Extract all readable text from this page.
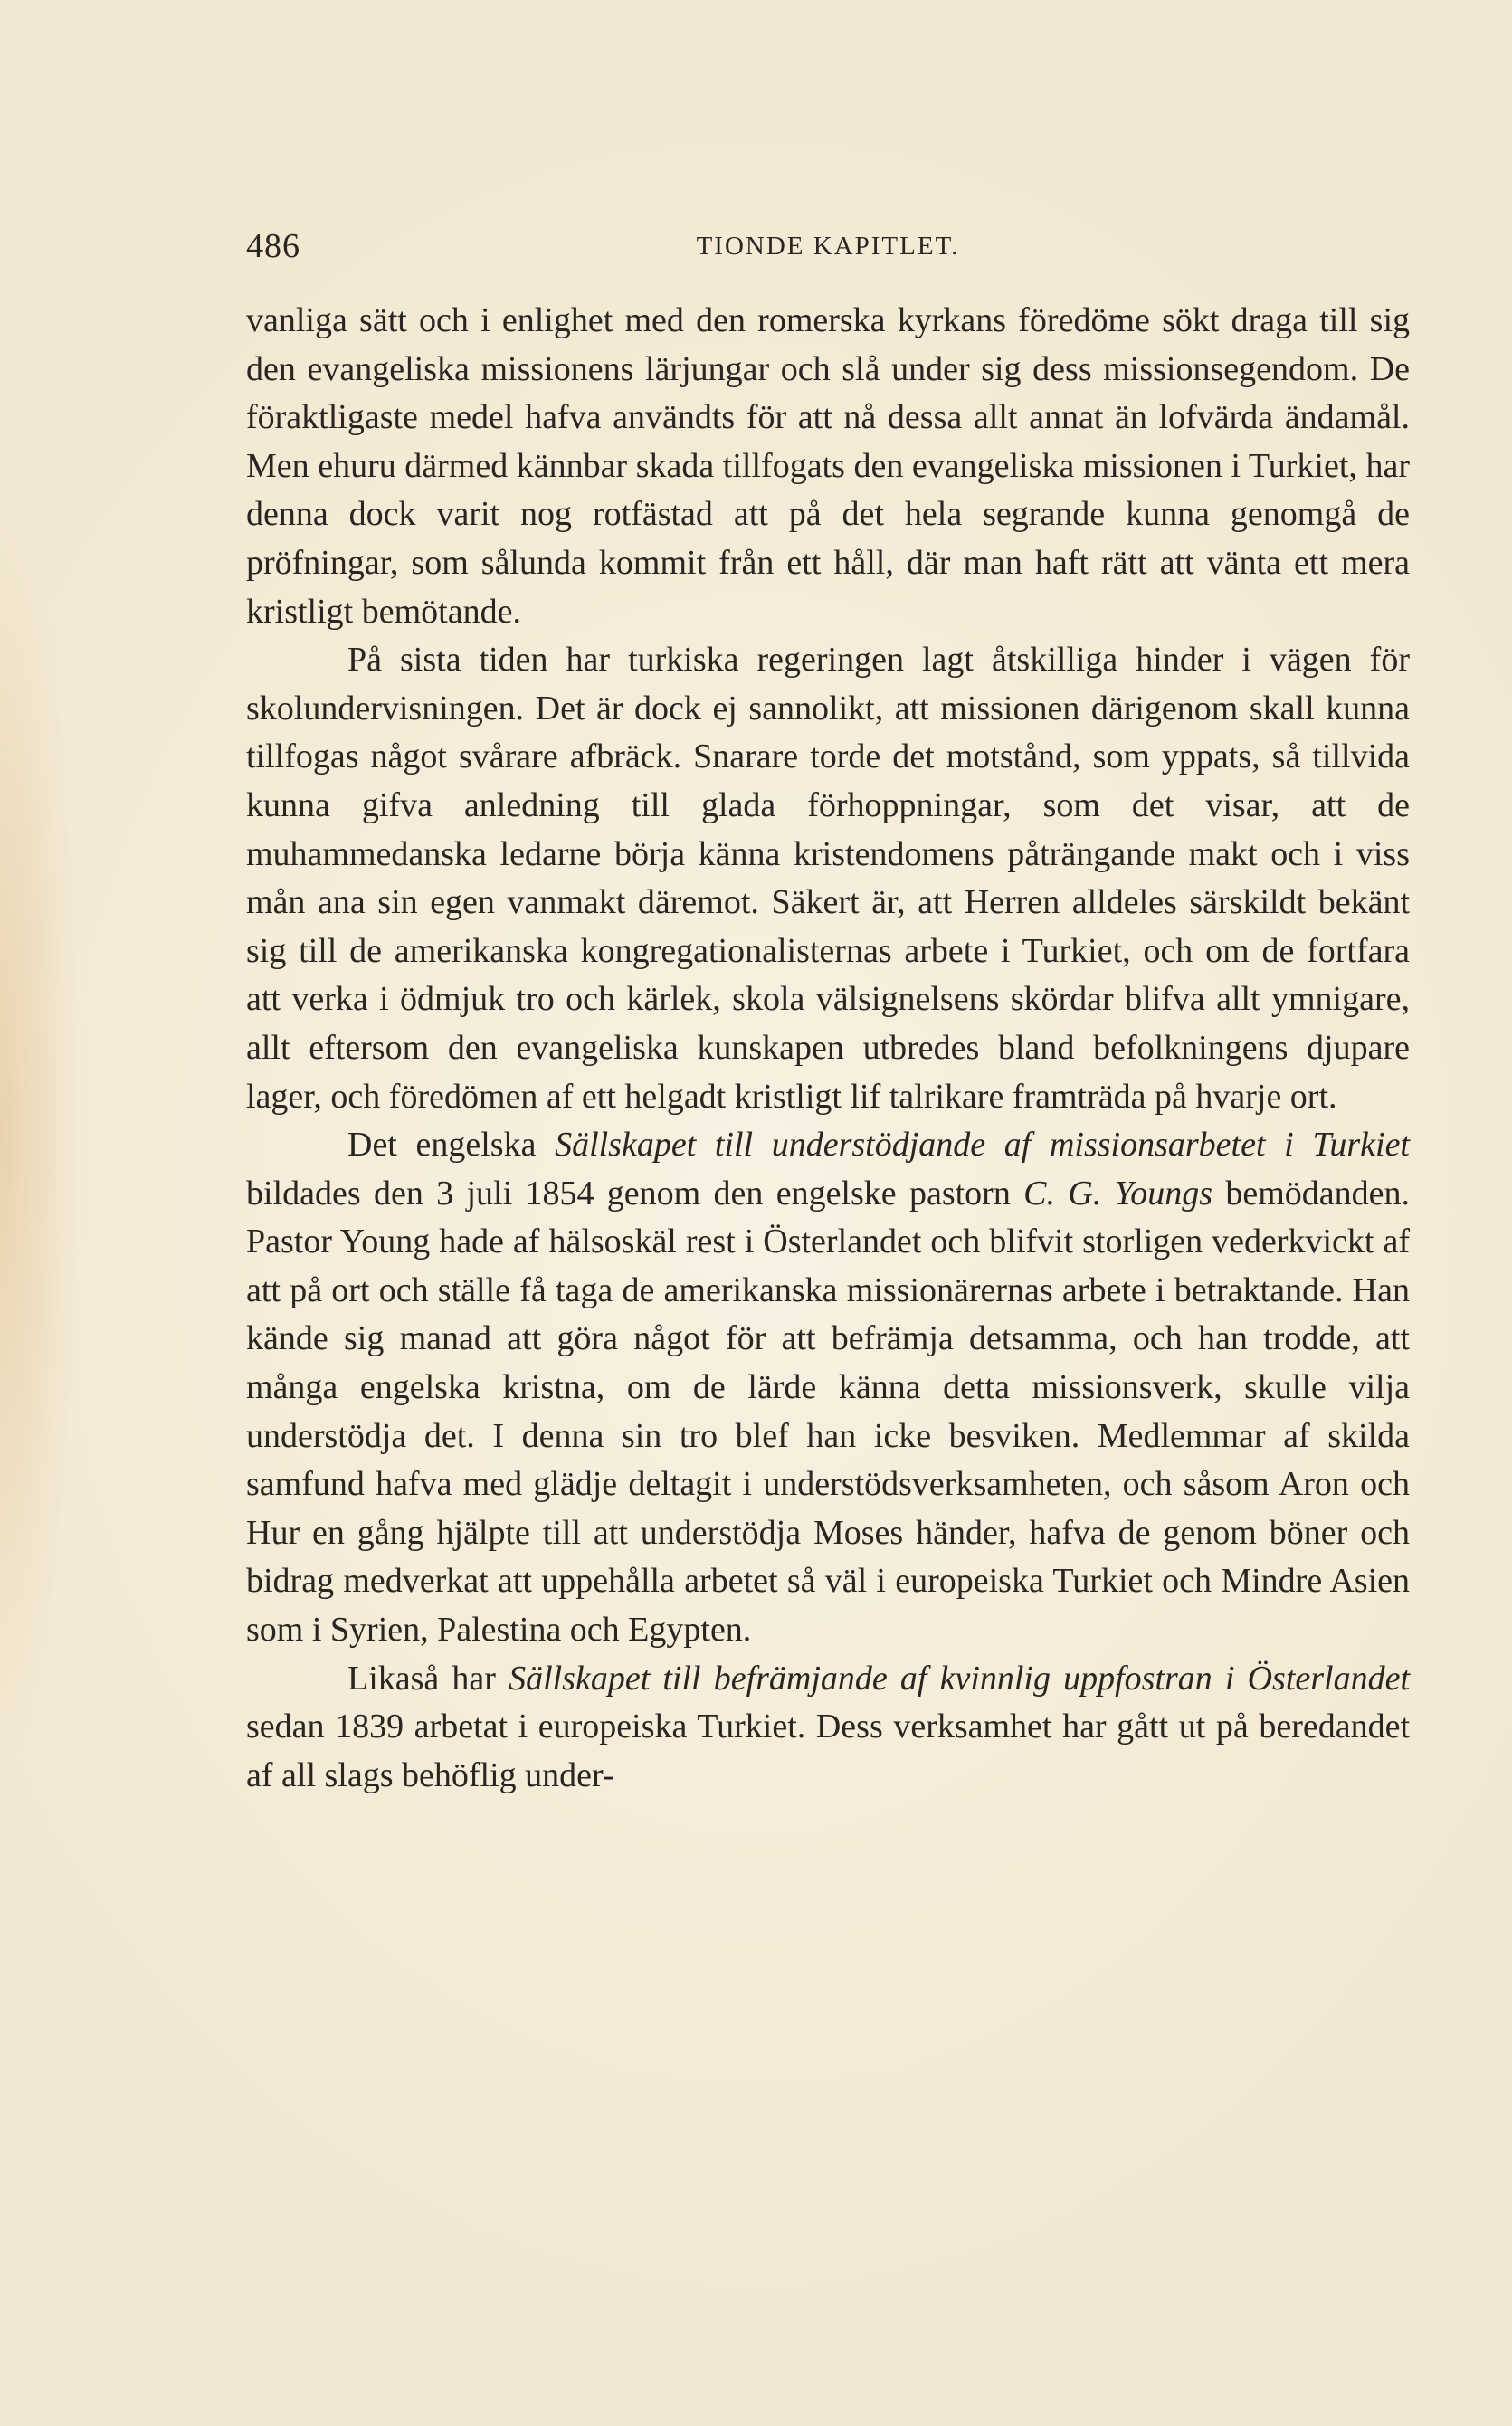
486	TIONDE KAPITLET.

vanliga sätt och i enlighet med den romerska kyrkans föredöme sökt draga till sig den evangeliska missionens lärjungar och slå under sig dess missionsegendom. De föraktligaste medel hafva användts för att nå dessa allt annat än lofvärda ändamål. Men ehuru därmed kännbar skada tillfogats den evangeliska missionen i Turkiet, har denna dock varit nog rotfästad att på det hela segrande kunna genomgå de pröfningar, som sålunda kommit från ett håll, där man haft rätt att vänta ett mera kristligt bemötande.

På sista tiden har turkiska regeringen lagt åtskilliga hinder i vägen för skolundervisningen. Det är dock ej sannolikt, att missionen därigenom skall kunna tillfogas något svårare afbräck. Snarare torde det motstånd, som yppats, så tillvida kunna gifva anledning till glada förhoppningar, som det visar, att de muhammedanska ledarne börja känna kristendomens påträngande makt och i viss mån ana sin egen vanmakt däremot. Säkert är, att Herren alldeles särskildt bekänt sig till de amerikanska kongregationalisternas arbete i Turkiet, och om de fortfara att verka i ödmjuk tro och kärlek, skola välsignelsens skördar blifva allt ymnigare, allt eftersom den evangeliska kunskapen utbredes bland befolkningens djupare lager, och föredömen af ett helgadt kristligt lif talrikare framträda på hvarje ort.

Det engelska Sällskapet till understödjande af missionsarbetet i Turkiet bildades den 3 juli 1854 genom den engelske pastorn C. G. Youngs bemödanden. Pastor Young hade af hälsoskäl rest i Österlandet och blifvit storligen vederkvickt af att på ort och ställe få taga de amerikanska missionärernas arbete i betraktande. Han kände sig manad att göra något för att befrämja detsamma, och han trodde, att många engelska kristna, om de lärde känna detta missionsverk, skulle vilja understödja det. I denna sin tro blef han icke besviken. Medlemmar af skilda samfund hafva med glädje deltagit i understödsverksamheten, och såsom Aron och Hur en gång hjälpte till att understödja Moses händer, hafva de genom böner och bidrag medverkat att uppehålla arbetet så väl i europeiska Turkiet och Mindre Asien som i Syrien, Palestina och Egypten.

Likaså har Sällskapet till befrämjande af kvinnlig uppfostran i Österlandet sedan 1839 arbetat i europeiska Turkiet. Dess verksamhet har gått ut på beredandet af all slags behöflig under-
